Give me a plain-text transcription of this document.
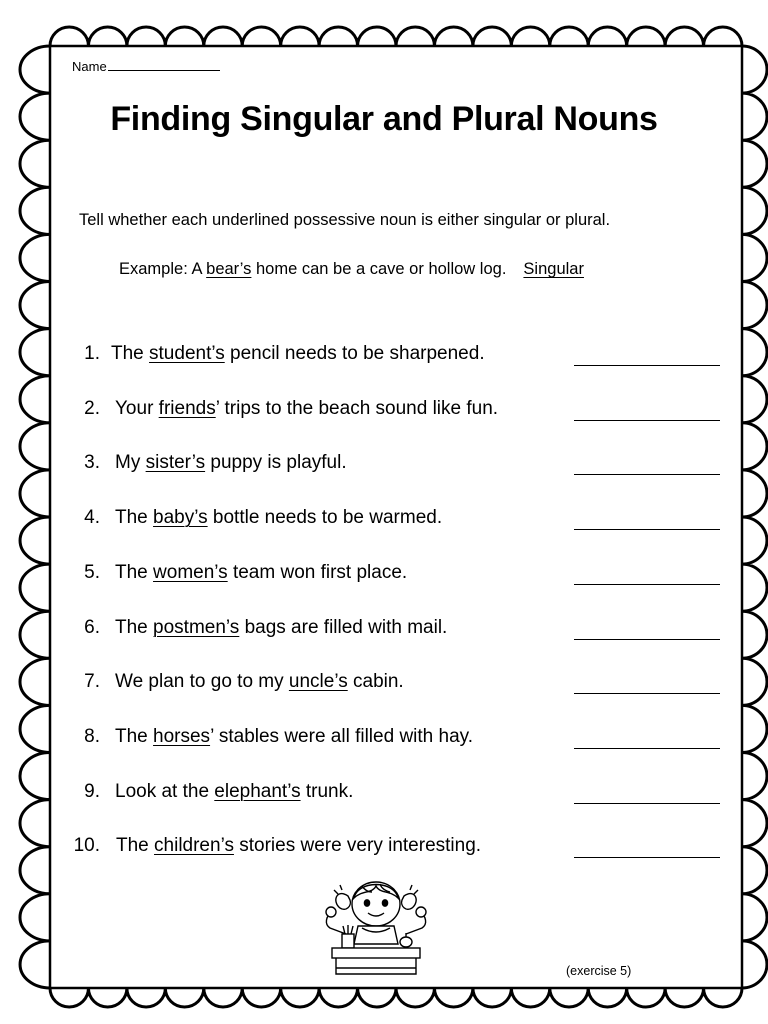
Name
Finding Singular and Plural Nouns
Tell whether each underlined possessive noun is either singular or plural.
Example: A bear’s home can be a cave or hollow log. Singular
1. The student’s pencil needs to be sharpened.
2. Your friends’ trips to the beach sound like fun.
3. My sister’s puppy is playful.
4. The baby’s bottle needs to be warmed.
5. The women’s team won first place.
6. The postmen’s bags are filled with mail.
7. We plan to go to my uncle’s cabin.
8. The horses’ stables were all filled with hay.
9. Look at the elephant’s trunk.
10. The children’s stories were very interesting.
(exercise 5)
